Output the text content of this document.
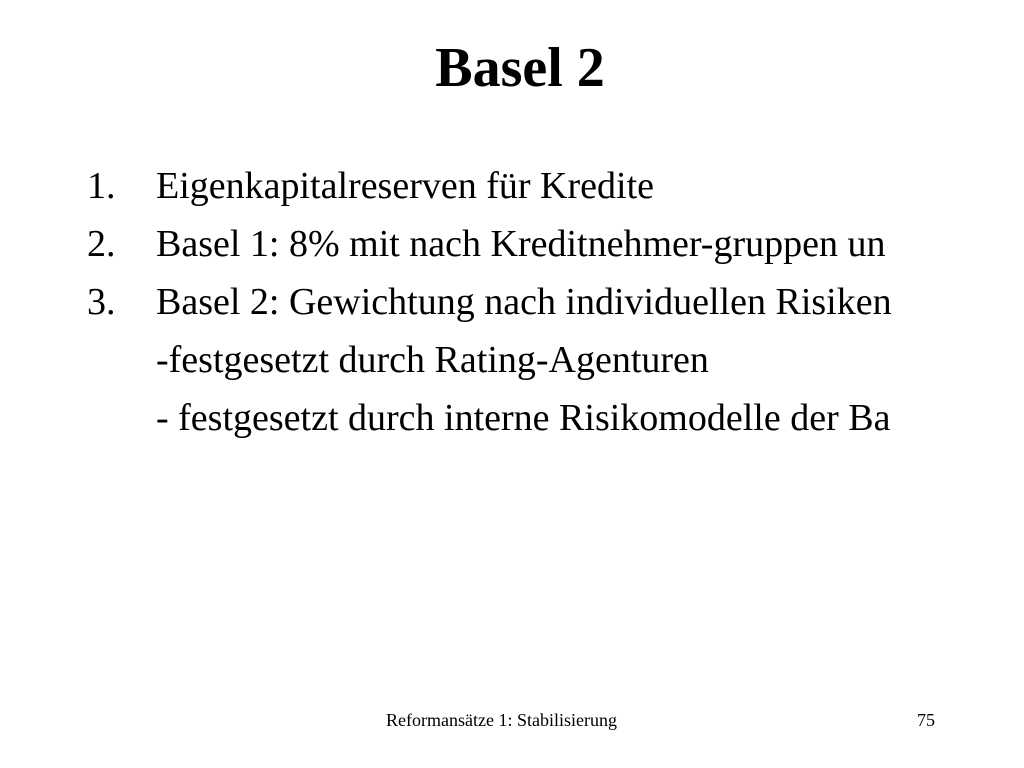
Basel 2
1. Eigenkapitalreserven für Kredite
2. Basel 1: 8% mit nach Kreditnehmer-gruppen un
3. Basel 2: Gewichtung nach individuellen Risiken
-festgesetzt durch Rating-Agenturen
- festgesetzt durch interne Risikomodelle der Ba
Reformansätze 1: Stabilisierung	75
